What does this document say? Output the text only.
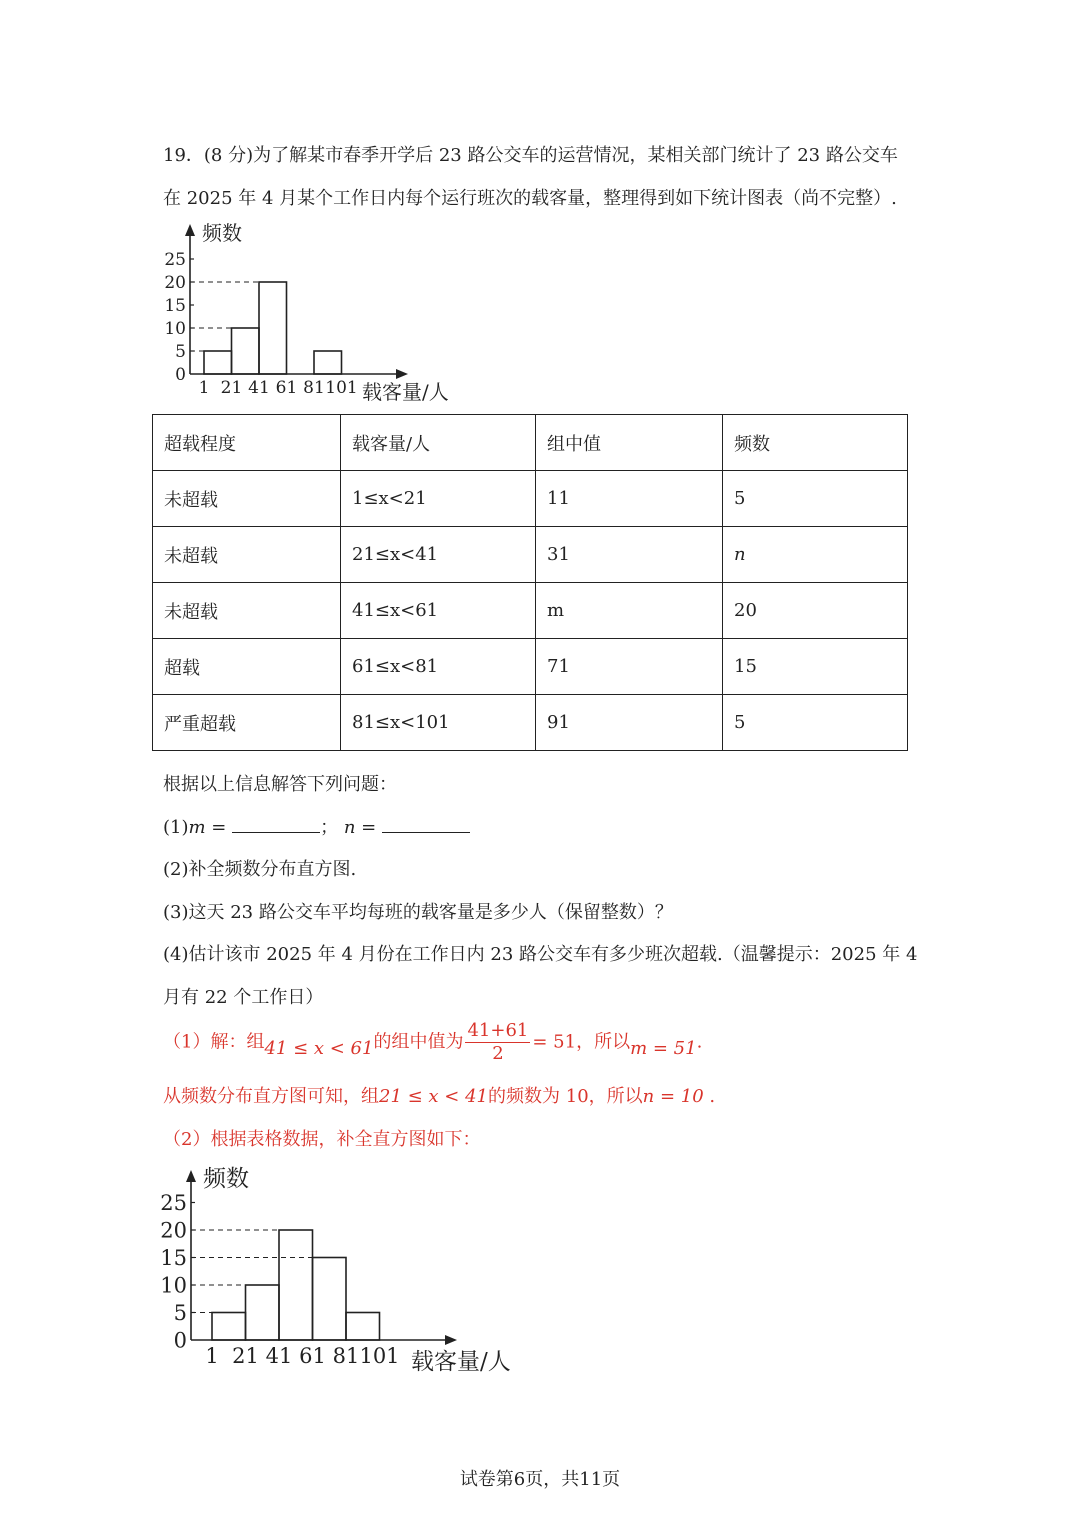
19．(8 分)为了解某市春季开学后 23 路公交车的运营情况，某相关部门统计了 23 路公交车
在 2025 年 4 月某个工作日内每个运行班次的载客量，整理得到如下统计图表（尚不完整）.
0
5
10
15
20
25
1 21 41 61 81 101
频数
载客量/人
超载程度	载客量/人	组中值	频数
未超载	1≤x<21	11	5
未超载	21≤x<41	31	n
未超载	41≤x<61	m	20
超载	61≤x<81	71	15
严重超载	81≤x<101	91	5
根据以上信息解答下列问题：
(1)m =	； n =
(2)补全频数分布直方图.
(3)这天 23 路公交车平均每班的载客量是多少人（保留整数）？
(4)估计该市 2025 年 4 月份在工作日内 23 路公交车有多少班次超载.（温馨提示：2025 年 4
月有 22 个工作日）
（1）解：组41 ≤ x < 61的组中值为 $\frac{41+61}{2} = 51$，所以m = 51.
从频数分布直方图可知，组21 ≤ x < 41的频数为 10，所以n = 10 .
（2）根据表格数据，补全直方图如下：
0
5
10
15
20
25
1 21 41 61 81 101
频数
载客量/人
试卷第6页，共11页
